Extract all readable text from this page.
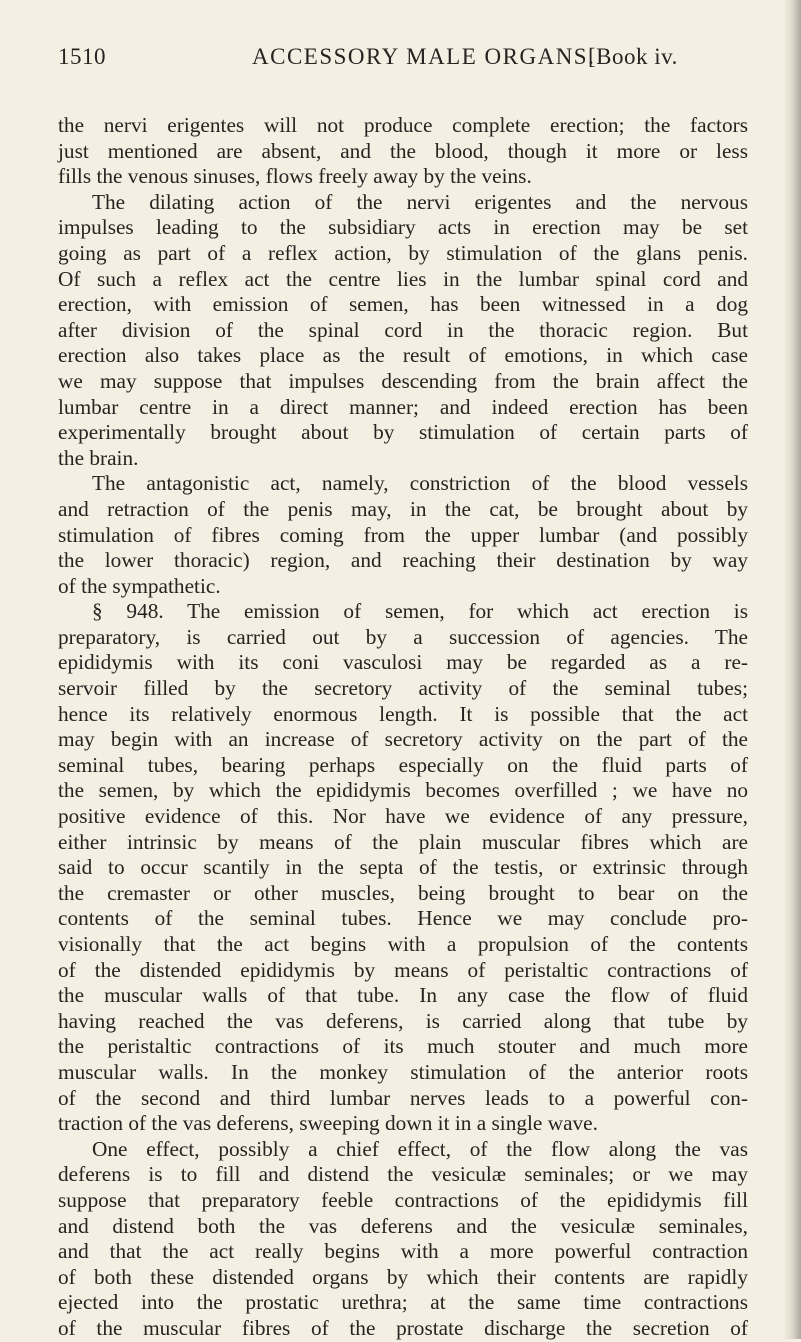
1510	ACCESSORY MALE ORGANS.
[Book iv.
the nervi erigentes will not produce complete erection; the factors
just mentioned are absent, and the blood, though it more or less
fills the venous sinuses, flows freely away by the veins.
The dilating action of the nervi erigentes and the nervous
impulses leading to the subsidiary acts in erection may be set
going as part of a reflex action, by stimulation of the glans penis.
Of such a reflex act the centre lies in the lumbar spinal cord and
erection, with emission of semen, has been witnessed in a dog
after division of the spinal cord in the thoracic region. But
erection also takes place as the result of emotions, in which case
we may suppose that impulses descending from the brain affect the
lumbar centre in a direct manner; and indeed erection has been
experimentally brought about by stimulation of certain parts of
the brain.
The antagonistic act, namely, constriction of the blood vessels
and retraction of the penis may, in the cat, be brought about by
stimulation of fibres coming from the upper lumbar (and possibly
the lower thoracic) region, and reaching their destination by way
of the sympathetic.
§ 948. The emission of semen, for which act erection is
preparatory, is carried out by a succession of agencies. The
epididymis with its coni vasculosi may be regarded as a re-
servoir filled by the secretory activity of the seminal tubes;
hence its relatively enormous length. It is possible that the act
may begin with an increase of secretory activity on the part of the
seminal tubes, bearing perhaps especially on the fluid parts of
the semen, by which the epididymis becomes overfilled ; we have no
positive evidence of this. Nor have we evidence of any pressure,
either intrinsic by means of the plain muscular fibres which are
said to occur scantily in the septa of the testis, or extrinsic through
the cremaster or other muscles, being brought to bear on the
contents of the seminal tubes. Hence we may conclude pro-
visionally that the act begins with a propulsion of the contents
of the distended epididymis by means of peristaltic contractions of
the muscular walls of that tube. In any case the flow of fluid
having reached the vas deferens, is carried along that tube by
the peristaltic contractions of its much stouter and much more
muscular walls. In the monkey stimulation of the anterior roots
of the second and third lumbar nerves leads to a powerful con-
traction of the vas deferens, sweeping down it in a single wave.
One effect, possibly a chief effect, of the flow along the vas
deferens is to fill and distend the vesiculæ seminales; or we may
suppose that preparatory feeble contractions of the epididymis fill
and distend both the vas deferens and the vesiculæ seminales,
and that the act really begins with a more powerful contraction
of both these distended organs by which their contents are rapidly
ejected into the prostatic urethra; at the same time contractions
of the muscular fibres of the prostate discharge the secretion of
